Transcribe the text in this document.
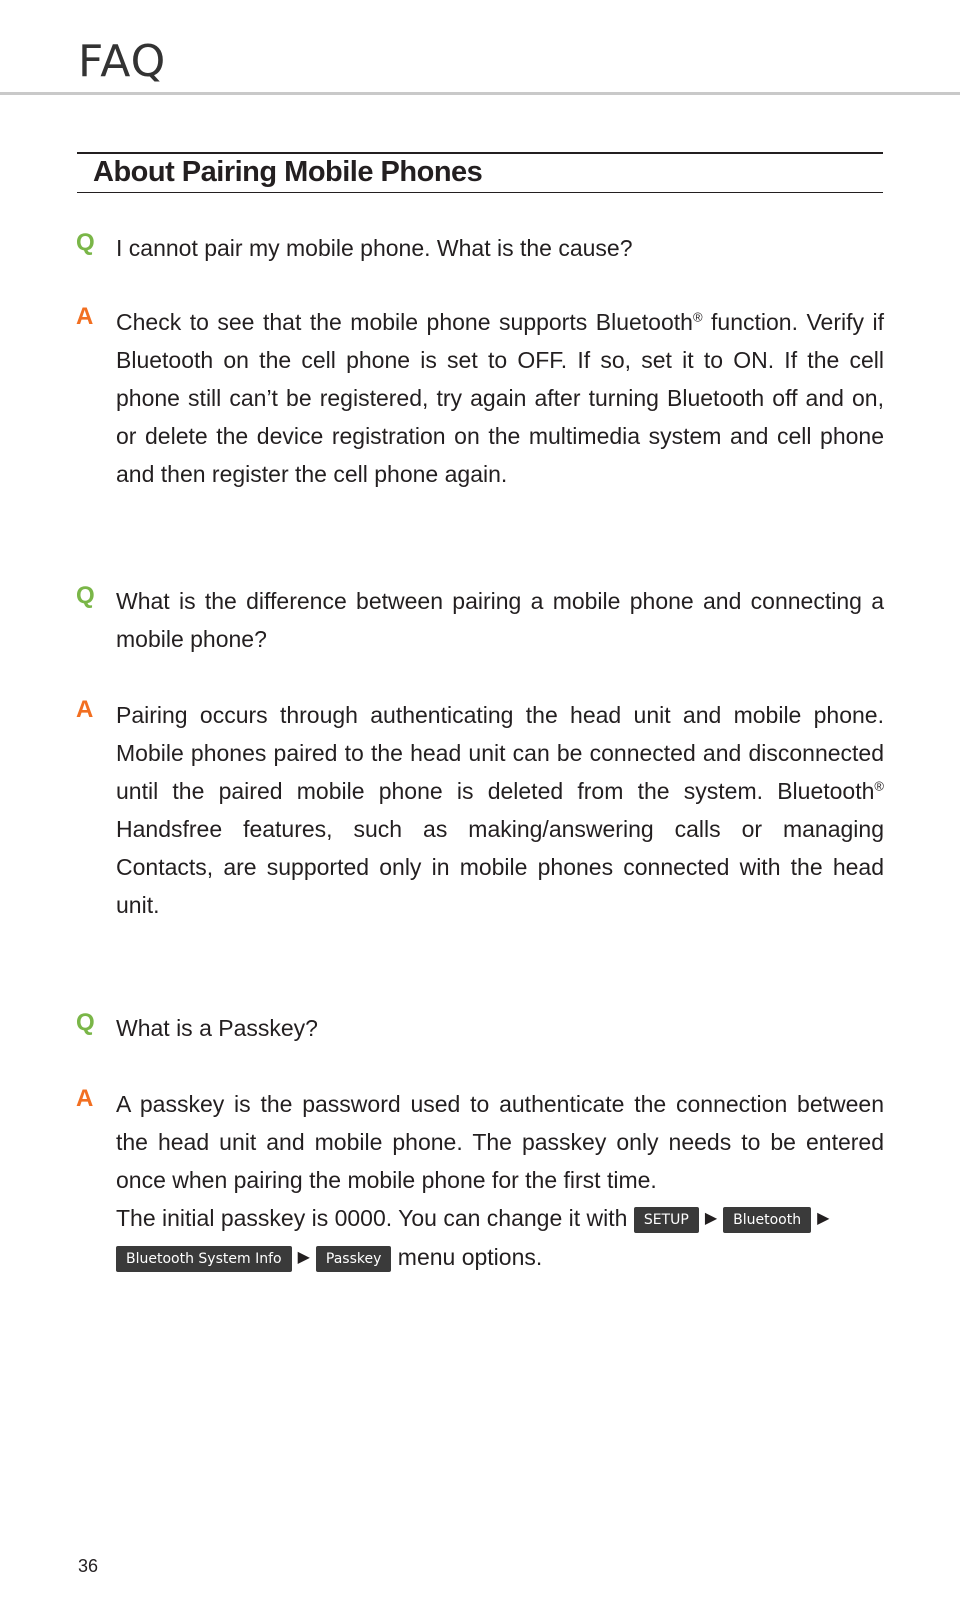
FAQ
About Pairing Mobile Phones
Q I cannot pair my mobile phone. What is the cause?
A Check to see that the mobile phone supports Bluetooth® function. Verify if Bluetooth on the cell phone is set to OFF. If so, set it to ON. If the cell phone still can’t be registered, try again after turning Bluetooth off and on, or delete the device registration on the multimedia system and cell phone and then register the cell phone again.
Q What is the difference between pairing a mobile phone and connecting a mobile phone?
A Pairing occurs through authenticating the head unit and mobile phone. Mobile phones paired to the head unit can be connected and disconnected until the paired mobile phone is deleted from the system. Bluetooth® Handsfree features, such as making/answering calls or managing Contacts, are supported only in mobile phones connected with the head unit.
Q What is a Passkey?
A A passkey is the password used to authenticate the connection between the head unit and mobile phone. The passkey only needs to be entered once when pairing the mobile phone for the first time.
The initial passkey is 0000. You can change it with SETUP ▶ Bluetooth ▶
Bluetooth System Info ▶ Passkey menu options.
36
